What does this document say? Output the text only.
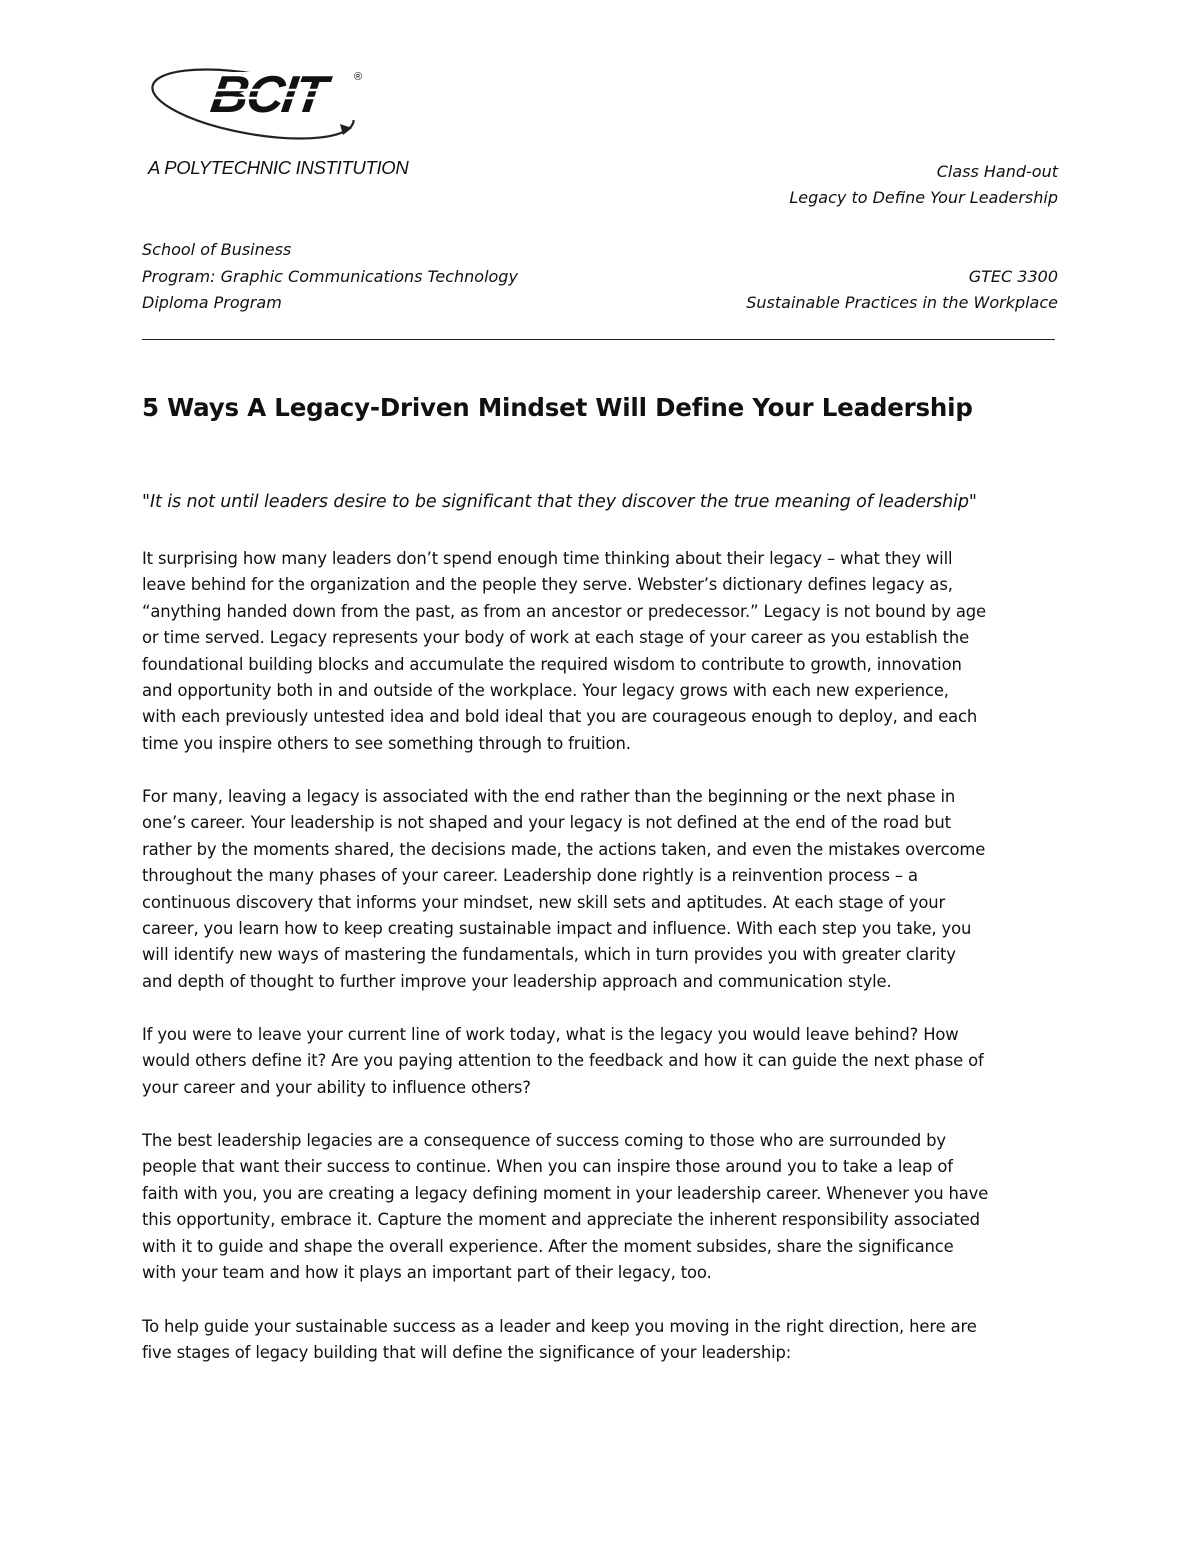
BCIT	®
A POLYTECHNIC INSTITUTION	Class Hand-out
Legacy to Define Your Leadership
School of Business
Program: Graphic Communications Technology
Diploma Program
GTEC 3300
Sustainable Practices in the Workplace
5 Ways A Legacy-Driven Mindset Will Define Your Leadership

"It is not until leaders desire to be significant that they discover the true meaning of leadership"

It surprising how many leaders don’t spend enough time thinking about their legacy – what they will
leave behind for the organization and the people they serve. Webster’s dictionary defines legacy as,
“anything handed down from the past, as from an ancestor or predecessor.” Legacy is not bound by age
or time served. Legacy represents your body of work at each stage of your career as you establish the
foundational building blocks and accumulate the required wisdom to contribute to growth, innovation
and opportunity both in and outside of the workplace. Your legacy grows with each new experience,
with each previously untested idea and bold ideal that you are courageous enough to deploy, and each
time you inspire others to see something through to fruition.
For many, leaving a legacy is associated with the end rather than the beginning or the next phase in
one’s career. Your leadership is not shaped and your legacy is not defined at the end of the road but
rather by the moments shared, the decisions made, the actions taken, and even the mistakes overcome
throughout the many phases of your career. Leadership done rightly is a reinvention process – a
continuous discovery that informs your mindset, new skill sets and aptitudes. At each stage of your
career, you learn how to keep creating sustainable impact and influence. With each step you take, you
will identify new ways of mastering the fundamentals, which in turn provides you with greater clarity
and depth of thought to further improve your leadership approach and communication style.
If you were to leave your current line of work today, what is the legacy you would leave behind? How
would others define it? Are you paying attention to the feedback and how it can guide the next phase of
your career and your ability to influence others?
The best leadership legacies are a consequence of success coming to those who are surrounded by
people that want their success to continue. When you can inspire those around you to take a leap of
faith with you, you are creating a legacy defining moment in your leadership career. Whenever you have
this opportunity, embrace it. Capture the moment and appreciate the inherent responsibility associated
with it to guide and shape the overall experience. After the moment subsides, share the significance
with your team and how it plays an important part of their legacy, too.
To help guide your sustainable success as a leader and keep you moving in the right direction, here are
five stages of legacy building that will define the significance of your leadership:
